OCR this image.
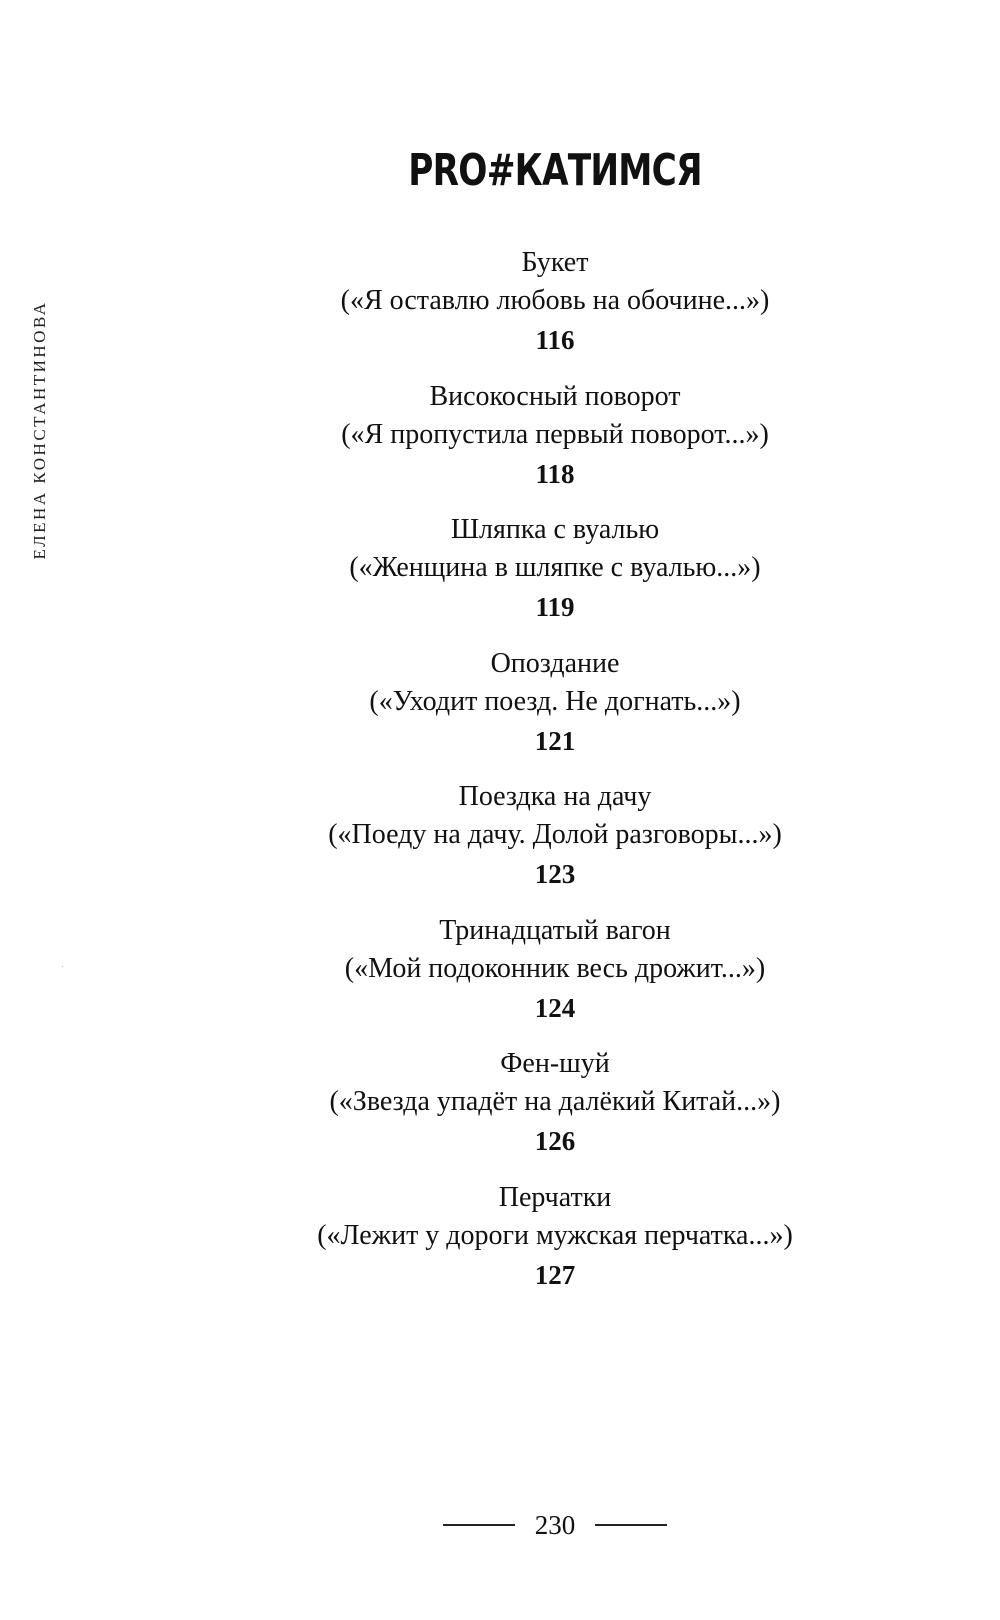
ЕЛЕНА КОНСТАНТИНОВА
PRO#КАТИМСЯ
Букет
(«Я оставлю любовь на обочине...»)
116
Високосный поворот
(«Я пропустила первый поворот...»)
118
Шляпка с вуалью
(«Женщина в шляпке с вуалью...»)
119
Опоздание
(«Уходит поезд. Не догнать...»)
121
Поездка на дачу
(«Поеду на дачу. Долой разговоры...»)
123
Тринадцатый вагон
(«Мой подоконник весь дрожит...»)
124
Фен-шуй
(«Звезда упадёт на далёкий Китай...»)
126
Перчатки
(«Лежит у дороги мужская перчатка...»)
127
230
